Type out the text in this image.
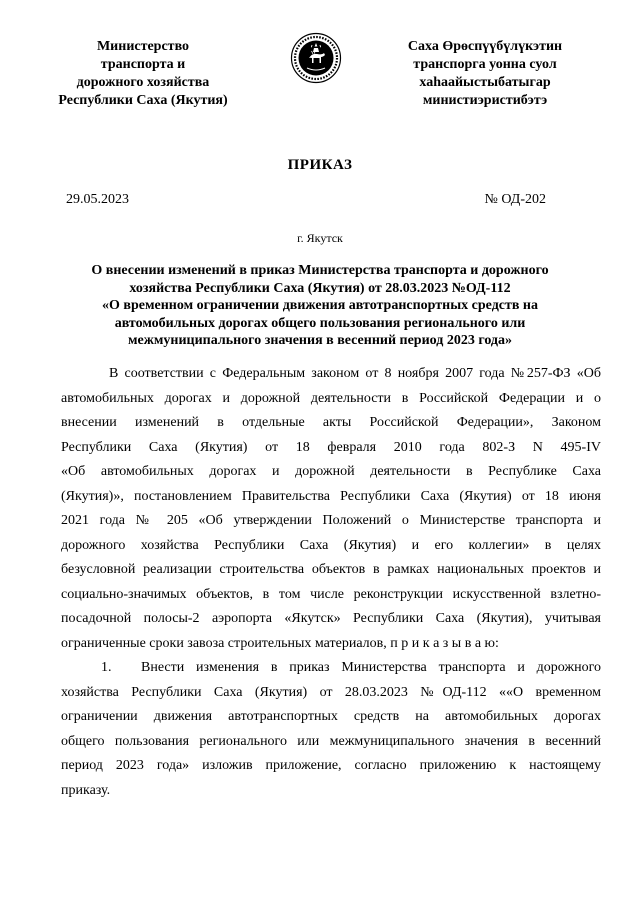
Министерство
транспорта и
дорожного хозяйства
Республики Саха (Якутия)
Саха Өрөспүүбүлүкэтин
транспорга уонна суол
хаһаайыстыбатыгар
министиэристибэтэ
ПРИКАЗ
29.05.2023	№ ОД-202
г. Якутск
О внесении изменений в приказ Министерства транспорта и дорожного
хозяйства Республики Саха (Якутия) от 28.03.2023 №ОД-112
«О временном ограничении движения автотранспортных средств на
автомобильных дорогах общего пользования регионального или
межмуниципального значения в весенний период 2023 года»
В соответствии с Федеральным законом от 8 ноября 2007 года №257-ФЗ «Об
автомобильных дорогах и дорожной деятельности в Российской Федерации и о
внесении изменений в отдельные акты Российской Федерации», Законом
Республики Саха (Якутия) от 18 февраля 2010 года 802-З N 495-IV
«Об автомобильных дорогах и дорожной деятельности в Республике Саха
(Якутия)», постановлением Правительства Республики Саха (Якутия) от 18 июня
2021 года № 205 «Об утверждении Положений о Министерстве транспорта и
дорожного хозяйства Республики Саха (Якутия) и его коллегии» в целях
безусловной реализации строительства объектов в рамках национальных проектов и
социально-значимых объектов, в том числе реконструкции искусственной взлетно-
посадочной полосы-2 аэропорта «Якутск» Республики Саха (Якутия), учитывая
ограниченные сроки завоза строительных материалов, п р и к а з ы в а ю:
1. Внести изменения в приказ Министерства транспорта и дорожного
хозяйства Республики Саха (Якутия) от 28.03.2023 №ОД-112 ««О временном
ограничении движения автотранспортных средств на автомобильных дорогах
общего пользования регионального или межмуниципального значения в весенний
период 2023 года» изложив приложение, согласно приложению к настоящему
приказу.
